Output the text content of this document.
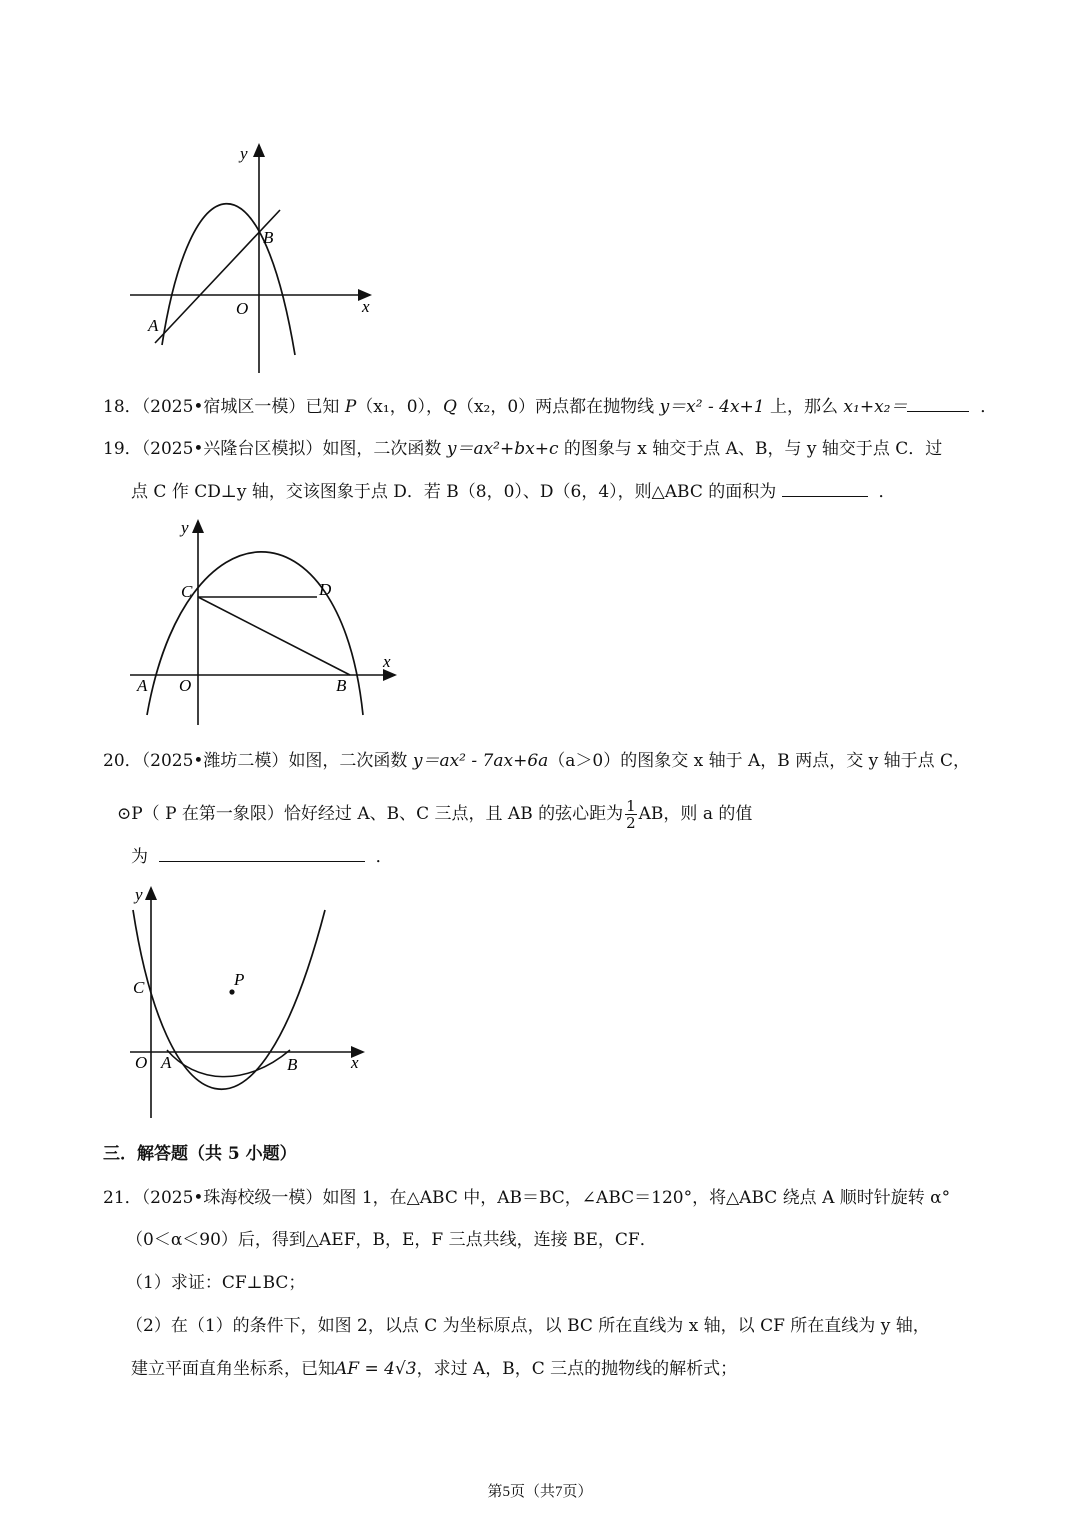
y
x
O
A
B
18．（2025•宿城区一模）已知 P（x₁，0），Q（x₂，0）两点都在抛物线 y＝x² ‑ 4x+1 上，那么 x₁+x₂＝	．
19．（2025•兴隆台区模拟）如图，二次函数 y＝ax²+bx+c 的图象与 x 轴交于点 A、B，与 y 轴交于点 C．过
点 C 作 CD⊥y 轴，交该图象于点 D．若 B（8，0）、D（6，4），则△ABC 的面积为	．
y
x
C	D
A O	B
20．（2025•潍坊二模）如图，二次函数 y＝ax² ‑ 7ax+6a（a＞0）的图象交 x 轴于 A，B 两点，交 y 轴于点 C，
⊙P（ P 在第一象限）恰好经过 A、B、C 三点，且 AB 的弦心距为 $\frac{1}{2}$ AB，则 a 的值
为	．
y
x
C	P
O A	B
三．解答题（共 5 小题）
21．（2025•珠海校级一模）如图 1，在△ABC 中，AB＝BC，∠ABC＝120°，将△ABC 绕点 A 顺时针旋转 α°
（0＜α＜90）后，得到△AEF，B，E，F 三点共线，连接 BE，CF．
（1）求证：CF⊥BC；
（2）在（1）的条件下，如图 2，以点 C 为坐标原点，以 BC 所在直线为 x 轴，以 CF 所在直线为 y 轴，
建立平面直角坐标系，已知AF = 4√3，求过 A，B，C 三点的抛物线的解析式；
第5页（共7页）
